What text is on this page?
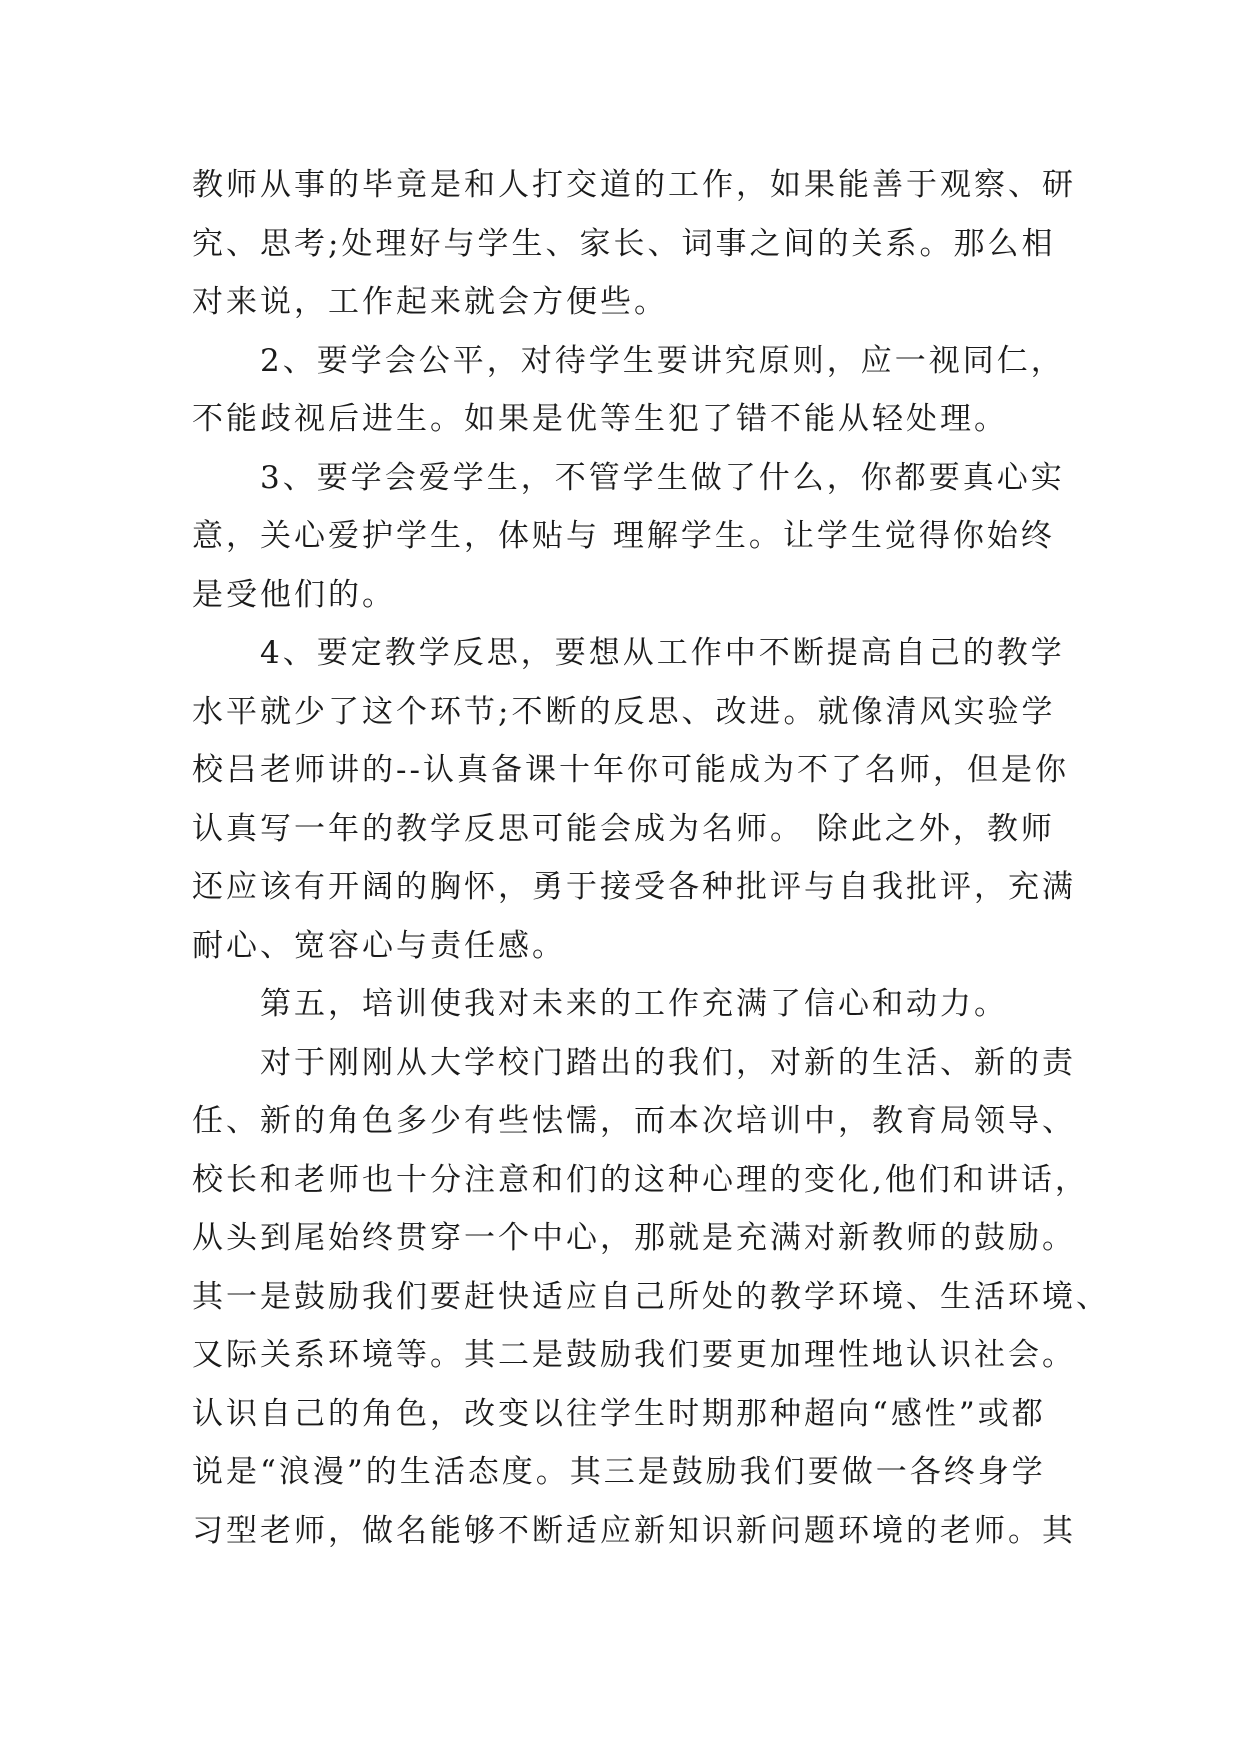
教师从事的毕竟是和人打交道的工作，如果能善于观察、研
究、思考;处理好与学生、家长、词事之间的关系。那么相
对来说，工作起来就会方便些。
　　2、要学会公平，对待学生要讲究原则，应一视同仁，
不能歧视后进生。如果是优等生犯了错不能从轻处理。
　　3、要学会爱学生，不管学生做了什么，你都要真心实
意，关心爱护学生，体贴与 理解学生。让学生觉得你始终
是受他们的。
　　4、要定教学反思，要想从工作中不断提高自己的教学
水平就少了这个环节;不断的反思、改进。就像清风实验学
校吕老师讲的--认真备课十年你可能成为不了名师，但是你
认真写一年的教学反思可能会成为名师。 除此之外，教师
还应该有开阔的胸怀，勇于接受各种批评与自我批评，充满
耐心、宽容心与责任感。
　　第五，培训使我对未来的工作充满了信心和动力。
　　对于刚刚从大学校门踏出的我们，对新的生活、新的责
任、新的角色多少有些怯懦，而本次培训中，教育局领导、
校长和老师也十分注意和们的这种心理的变化,他们和讲话，
从头到尾始终贯穿一个中心，那就是充满对新教师的鼓励。
其一是鼓励我们要赶快适应自己所处的教学环境、生活环境、
又际关系环境等。其二是鼓励我们要更加理性地认识社会。
认识自己的角色，改变以往学生时期那种超向“感性”或都
说是“浪漫”的生活态度。其三是鼓励我们要做一各终身学
习型老师，做名能够不断适应新知识新问题环境的老师。其
